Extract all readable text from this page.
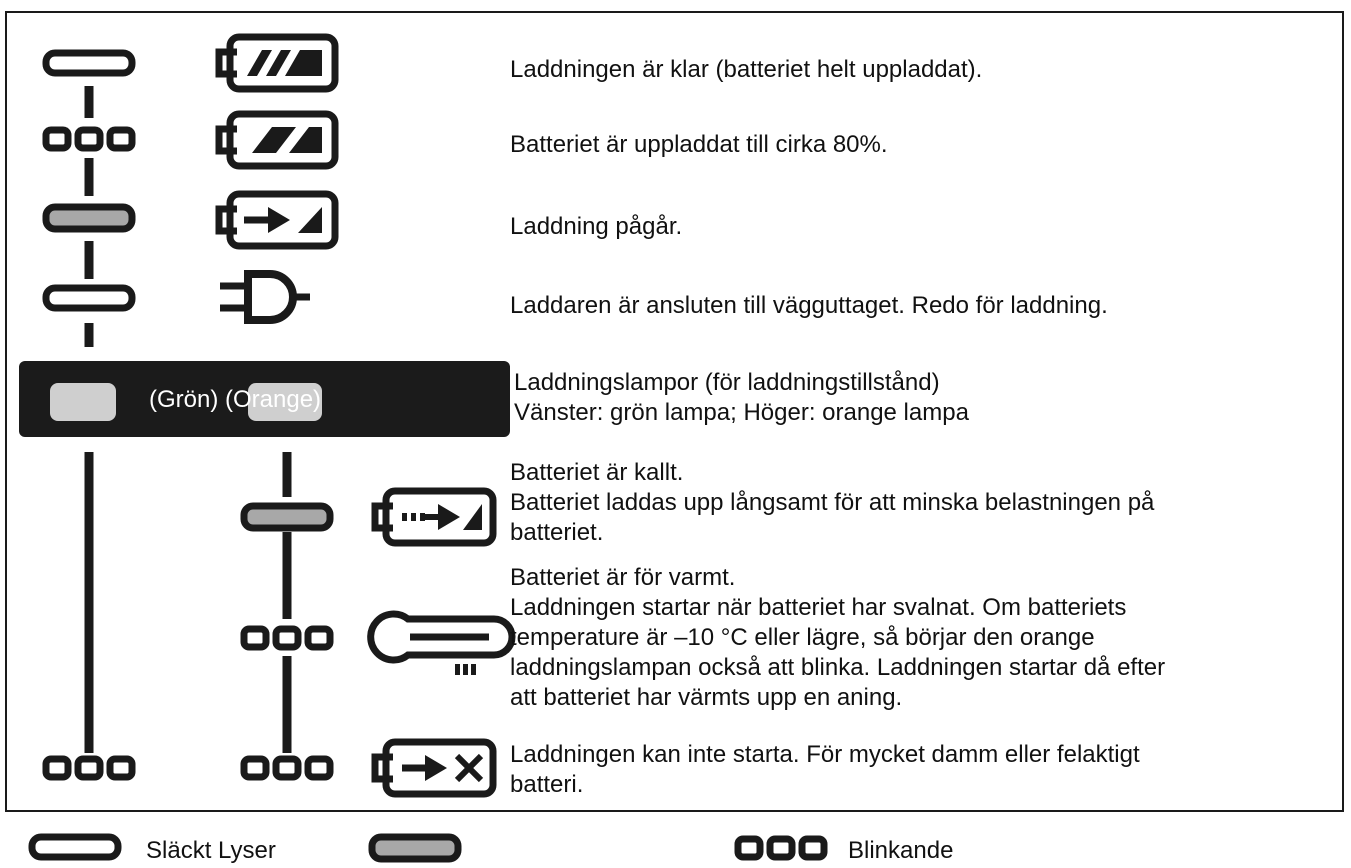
(Grön) (Orange)
Laddningen är klar (batteriet helt uppladdat).
Batteriet är uppladdat till cirka 80%.
Laddning pågår.
Laddaren är ansluten till vägguttaget. Redo för laddning.
Laddningslampor (för laddningstillstånd)
Vänster: grön lampa; Höger: orange lampa
Batteriet är kallt.
Batteriet laddas upp långsamt för att minska belastningen på
batteriet.
Batteriet är för varmt.
Laddningen startar när batteriet har svalnat. Om batteriets
temperature är –10 °C eller lägre, så börjar den orange
laddningslampan också att blinka. Laddningen startar då efter
att batteriet har värmts upp en aning.
Laddningen kan inte starta. För mycket damm eller felaktigt
batteri.
Släckt Lyser	Blinkande
